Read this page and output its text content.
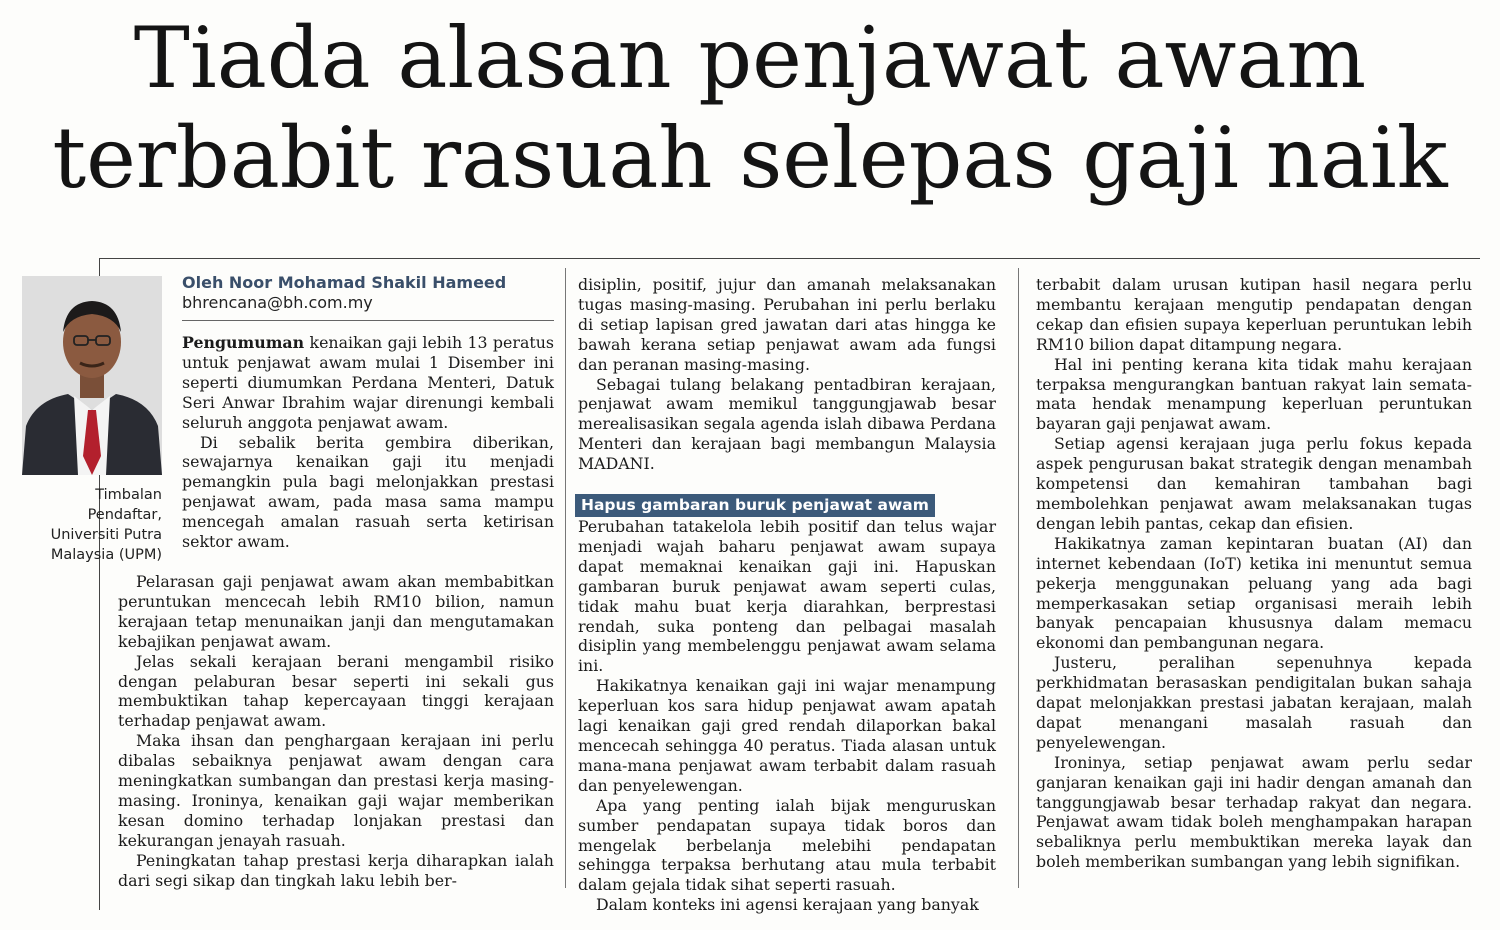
Tiada alasan penjawat awam
terbabit rasuah selepas gaji naik
Timbalan
Pendaftar,
Universiti Putra
Malaysia (UPM)
Oleh Noor Mohamad Shakil Hameed
bhrencana@bh.com.my

Pengumuman kenaikan gaji lebih 13 peratus untuk penjawat awam mulai 1 Disember ini seperti diumumkan Perdana Menteri, Datuk Seri Anwar Ibrahim wajar direnungi kembali seluruh anggota penjawat awam.

Di sebalik berita gembira diberikan, sewajarnya kenaikan gaji itu menjadi pemangkin pula bagi melonjakkan prestasi penjawat awam, pada masa sama mampu mencegah amalan rasuah serta ketirisan sektor awam.

Pelarasan gaji penjawat awam akan membabitkan peruntukan mencecah lebih RM10 bilion, namun kerajaan tetap menunaikan janji dan mengutamakan kebajikan penjawat awam.

Jelas sekali kerajaan berani mengambil risiko dengan pelaburan besar seperti ini sekali gus membuktikan tahap kepercayaan tinggi kerajaan terhadap penjawat awam.

Maka ihsan dan penghargaan kerajaan ini perlu dibalas sebaiknya penjawat awam dengan cara meningkatkan sumbangan dan prestasi kerja masing-masing. Ironinya, kenaikan gaji wajar memberikan kesan domino terhadap lonjakan prestasi dan kekurangan jenayah rasuah.

Peningkatan tahap prestasi kerja diharapkan ialah dari segi sikap dan tingkah laku lebih ber-

disiplin, positif, jujur dan amanah melaksanakan tugas masing-masing. Perubahan ini perlu berlaku di setiap lapisan gred jawatan dari atas hingga ke bawah kerana setiap penjawat awam ada fungsi dan peranan masing-masing.

Sebagai tulang belakang pentadbiran kerajaan, penjawat awam memikul tanggungjawab besar merealisasikan segala agenda islah dibawa Perdana Menteri dan kerajaan bagi membangun Malaysia MADANI.

Hapus gambaran buruk penjawat awam

Perubahan tatakelola lebih positif dan telus wajar menjadi wajah baharu penjawat awam supaya dapat memaknai kenaikan gaji ini. Hapuskan gambaran buruk penjawat awam seperti culas, tidak mahu buat kerja diarahkan, berprestasi rendah, suka ponteng dan pelbagai masalah disiplin yang membelenggu penjawat awam selama ini.

Hakikatnya kenaikan gaji ini wajar menampung keperluan kos sara hidup penjawat awam apatah lagi kenaikan gaji gred rendah dilaporkan bakal mencecah sehingga 40 peratus. Tiada alasan untuk mana-mana penjawat awam terbabit dalam rasuah dan penyelewengan.

Apa yang penting ialah bijak menguruskan sumber pendapatan supaya tidak boros dan mengelak berbelanja melebihi pendapatan sehingga terpaksa berhutang atau mula terbabit dalam gejala tidak sihat seperti rasuah.

Dalam konteks ini agensi kerajaan yang banyak

terbabit dalam urusan kutipan hasil negara perlu membantu kerajaan mengutip pendapatan dengan cekap dan efisien supaya keperluan peruntukan lebih RM10 bilion dapat ditampung negara.

Hal ini penting kerana kita tidak mahu kerajaan terpaksa mengurangkan bantuan rakyat lain semata-mata hendak menampung keperluan peruntukan bayaran gaji penjawat awam.

Setiap agensi kerajaan juga perlu fokus kepada aspek pengurusan bakat strategik dengan menambah kompetensi dan kemahiran tambahan bagi membolehkan penjawat awam melaksanakan tugas dengan lebih pantas, cekap dan efisien.

Hakikatnya zaman kepintaran buatan (AI) dan internet kebendaan (IoT) ketika ini menuntut semua pekerja menggunakan peluang yang ada bagi memperkasakan setiap organisasi meraih lebih banyak pencapaian khususnya dalam memacu ekonomi dan pembangunan negara.

Justeru, peralihan sepenuhnya kepada perkhidmatan berasaskan pendigitalan bukan sahaja dapat melonjakkan prestasi jabatan kerajaan, malah dapat menangani masalah rasuah dan penyelewengan.

Ironinya, setiap penjawat awam perlu sedar ganjaran kenaikan gaji ini hadir dengan amanah dan tanggungjawab besar terhadap rakyat dan negara. Penjawat awam tidak boleh menghampakan harapan sebaliknya perlu membuktikan mereka layak dan boleh memberikan sumbangan yang lebih signifikan.
